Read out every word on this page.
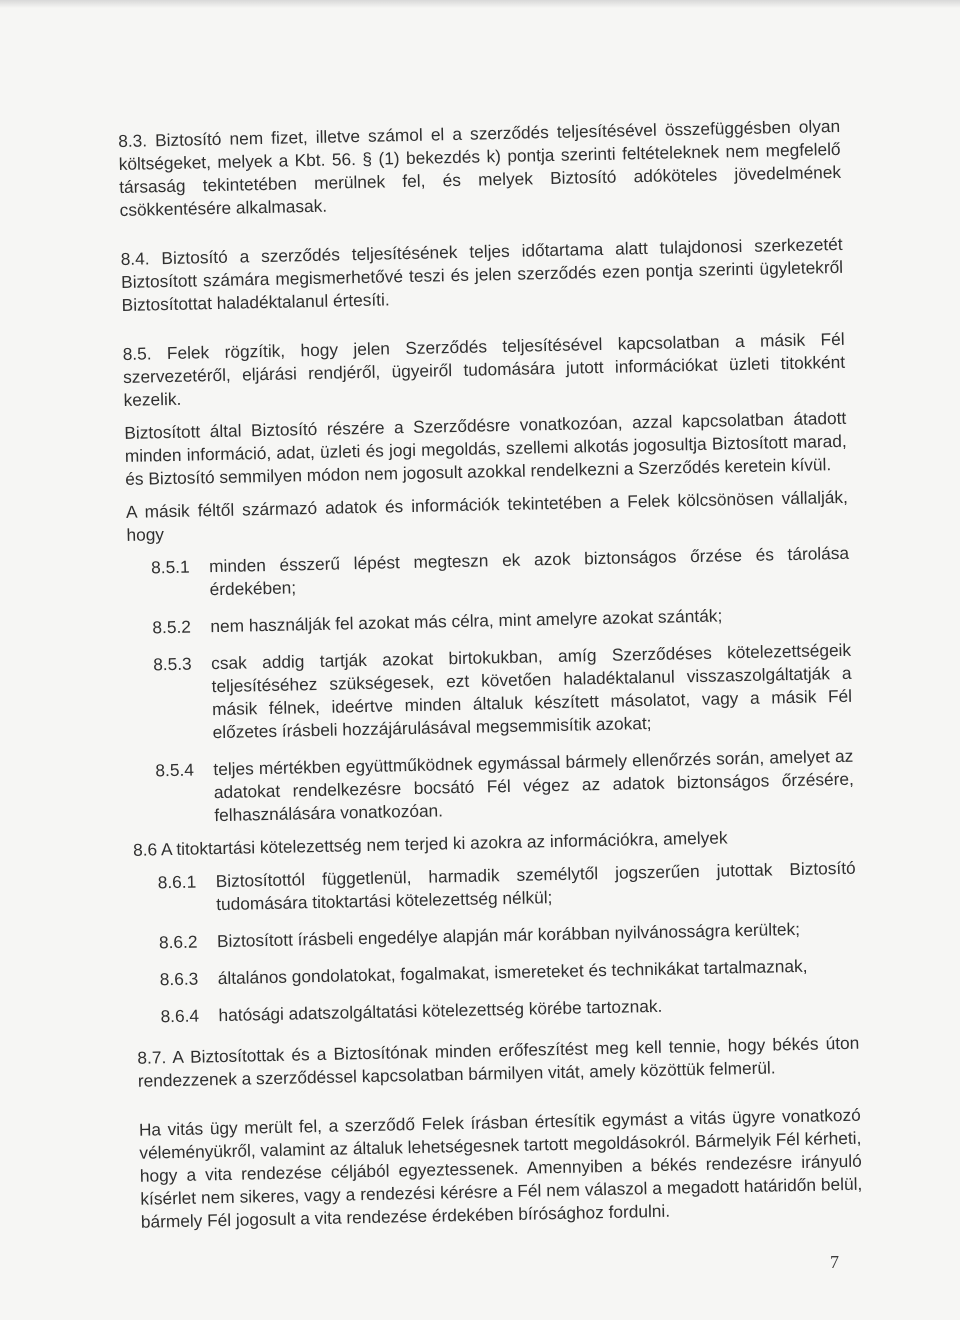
8.3. Biztosító nem fizet, illetve számol el a szerződés teljesítésével összefüggésben olyan költségeket, melyek a Kbt. 56. § (1) bekezdés k) pontja szerinti feltételeknek nem megfelelő társaság tekintetében merülnek fel, és melyek Biztosító adóköteles jövedelmének csökkentésére alkalmasak.

8.4. Biztosító a szerződés teljesítésének teljes időtartama alatt tulajdonosi szerkezetét Biztosított számára megismerhetővé teszi és jelen szerződés ezen pontja szerinti ügyletekről Biztosítottat haladéktalanul értesíti.

8.5. Felek rögzítik, hogy jelen Szerződés teljesítésével kapcsolatban a másik Fél szervezetéről, eljárási rendjéről, ügyeiről tudomására jutott információkat üzleti titokként kezelik.

Biztosított által Biztosító részére a Szerződésre vonatkozóan, azzal kapcsolatban átadott minden információ, adat, üzleti és jogi megoldás, szellemi alkotás jogosultja Biztosított marad, és Biztosító semmilyen módon nem jogosult azokkal rendelkezni a Szerződés keretein kívül.

A másik féltől származó adatok és információk tekintetében a Felek kölcsönösen vállalják, hogy

8.5.1	minden ésszerű lépést megteszn ek azok biztonságos őrzése és tárolása érdekében;
8.5.2	nem használják fel azokat más célra, mint amelyre azokat szánták;
8.5.3	csak addig tartják azokat birtokukban, amíg Szerződéses kötelezettségeik teljesítéséhez szükségesek, ezt követően haladéktalanul visszaszolgáltatják a másik félnek, ideértve minden általuk készített másolatot, vagy a másik Fél előzetes írásbeli hozzájárulásával megsemmisítik azokat;
8.5.4	teljes mértékben együttműködnek egymással bármely ellenőrzés során, amelyet az adatokat rendelkezésre bocsátó Fél végez az adatok biztonságos őrzésére, felhasználására vonatkozóan.

8.6 A titoktartási kötelezettség nem terjed ki azokra az információkra, amelyek

8.6.1	Biztosítottól függetlenül, harmadik személytől jogszerűen jutottak Biztosító tudomására titoktartási kötelezettség nélkül;
8.6.2	Biztosított írásbeli engedélye alapján már korábban nyilvánosságra kerültek;
8.6.3	általános gondolatokat, fogalmakat, ismereteket és technikákat tartalmaznak,
8.6.4	hatósági adatszolgáltatási kötelezettség körébe tartoznak.

8.7. A Biztosítottak és a Biztosítónak minden erőfeszítést meg kell tennie, hogy békés úton rendezzenek a szerződéssel kapcsolatban bármilyen vitát, amely közöttük felmerül.

Ha vitás ügy merült fel, a szerződő Felek írásban értesítik egymást a vitás ügyre vonatkozó véleményükről, valamint az általuk lehetségesnek tartott megoldásokról. Bármelyik Fél kérheti, hogy a vita rendezése céljából egyeztessenek. Amennyiben a békés rendezésre irányuló kísérlet nem sikeres, vagy a rendezési kérésre a Fél nem válaszol a megadott határidőn belül, bármely Fél jogosult a vita rendezése érdekében bírósághoz fordulni.

7
